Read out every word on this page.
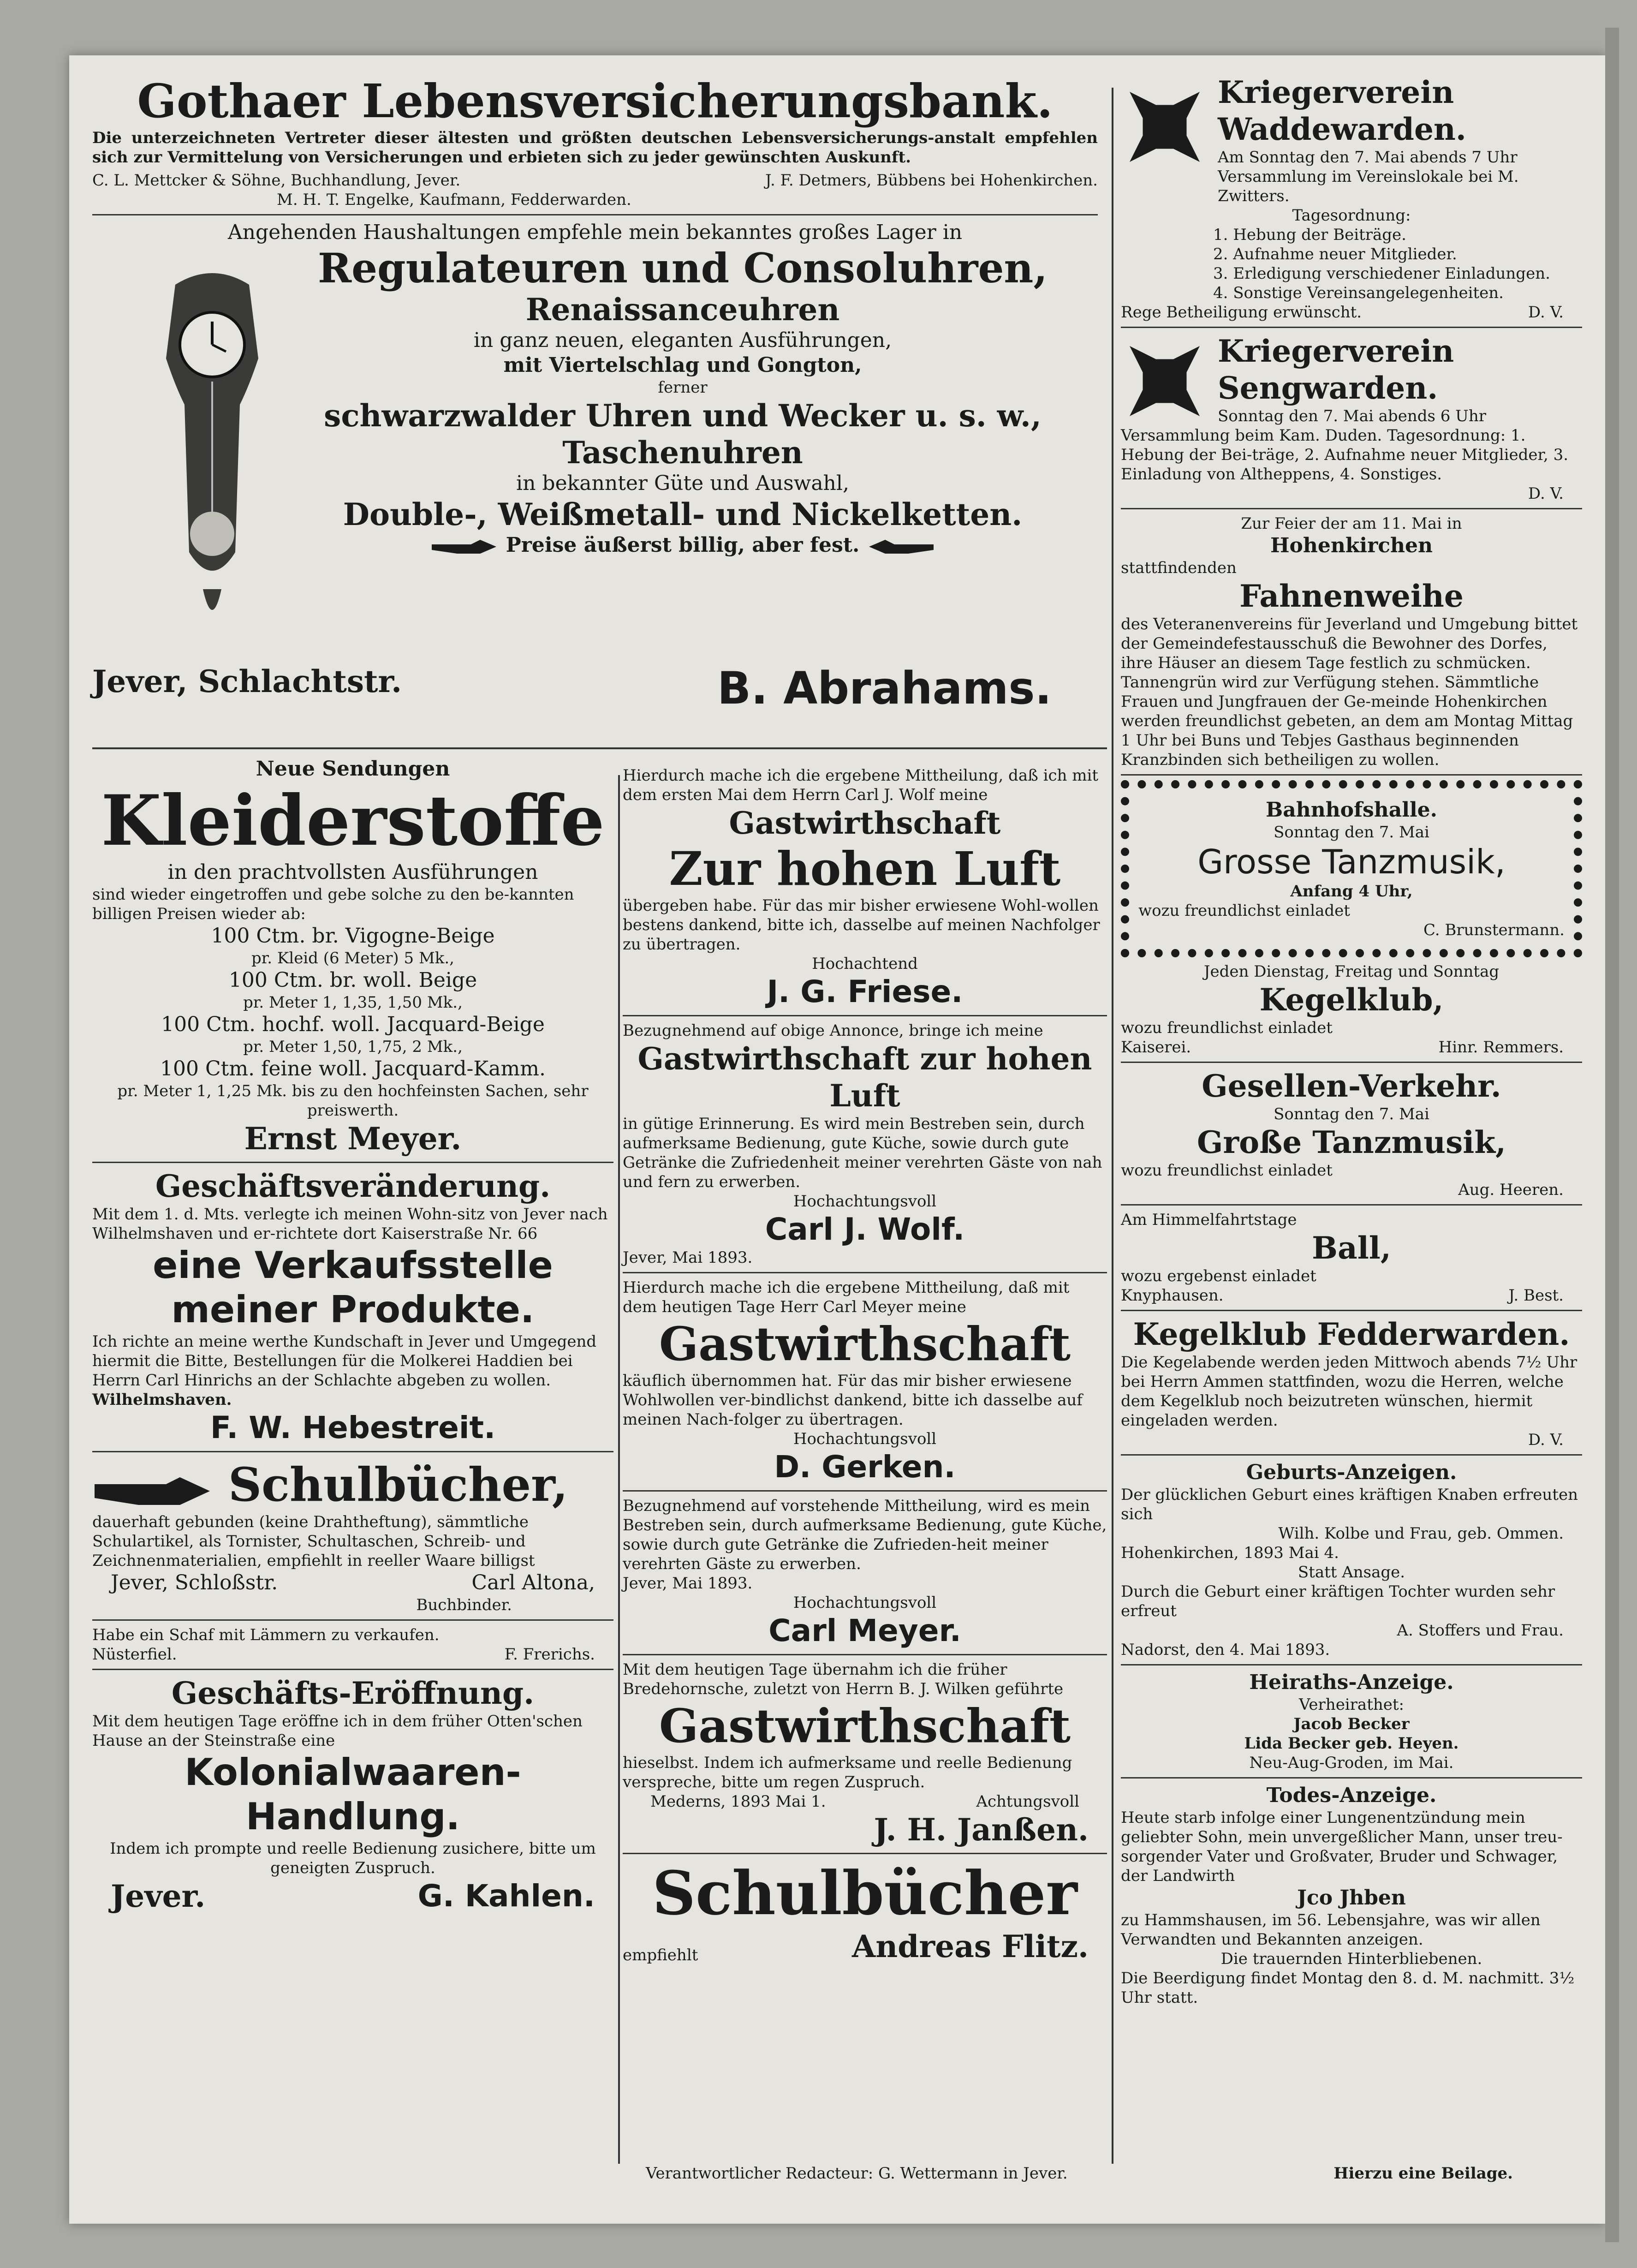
Gothaer Lebensversicherungsbank.

Die unterzeichneten Vertreter dieser ältesten und größten deutschen Lebensversicherungs-anstalt empfehlen sich zur Vermittelung von Versicherungen und erbieten sich zu jeder gewünschten Auskunft.

C. L. Mettcker & Söhne, Buchhandlung, Jever.	J. F. Detmers, Bübbens bei Hohenkirchen.

M. H. T. Engelke, Kaufmann, Fedderwarden.

Angehenden Haushaltungen empfehle mein bekanntes großes Lager in

Regulateuren und Consoluhren,

Renaissanceuhren

in ganz neuen, eleganten Ausführungen,

mit Viertelschlag und Gongton,

ferner

schwarzwalder Uhren und Wecker u. s. w.,

Taschenuhren

in bekannter Güte und Auswahl,

Double-, Weißmetall- und Nickelketten.

Preise äußerst billig, aber fest.

Jever, Schlachtstr.	B. Abrahams.

Neue Sendungen

Kleiderstoffe

in den prachtvollsten Ausführungen

sind wieder eingetroffen und gebe solche zu den be-kannten billigen Preisen wieder ab:

100 Ctm. br. Vigogne-Beige

pr. Kleid (6 Meter) 5 Mk.,

100 Ctm. br. woll. Beige

pr. Meter 1, 1,35, 1,50 Mk.,

100 Ctm. hochf. woll. Jacquard-Beige

pr. Meter 1,50, 1,75, 2 Mk.,

100 Ctm. feine woll. Jacquard-Kamm.

pr. Meter 1, 1,25 Mk. bis zu den hochfeinsten Sachen, sehr preiswerth.

Ernst Meyer.

Geschäftsveränderung.

Mit dem 1. d. Mts. verlegte ich meinen Wohn-sitz von Jever nach Wilhelmshaven und er-richtete dort Kaiserstraße Nr. 66

eine Verkaufsstelle

meiner Produkte.

Ich richte an meine werthe Kundschaft in Jever und Umgegend hiermit die Bitte, Bestellungen für die Molkerei Haddien bei Herrn Carl Hinrichs an der Schlachte abgeben zu wollen.

Wilhelmshaven.

F. W. Hebestreit.

Schulbücher,

dauerhaft gebunden (keine Drahtheftung), sämmtliche Schulartikel, als Tornister, Schultaschen, Schreib- und Zeichnenmaterialien, empfiehlt in reeller Waare billigst

Jever, Schloßstr.	Carl Altona,

Buchbinder.

Habe ein Schaf mit Lämmern zu verkaufen.

Nüsterfiel.	F. Frerichs.

Geschäfts-Eröffnung.

Mit dem heutigen Tage eröffne ich in dem früher Otten'schen Hause an der Steinstraße eine

Kolonialwaaren-

Handlung.

Indem ich prompte und reelle Bedienung zusichere, bitte um geneigten Zuspruch.

Jever.	G. Kahlen.

Hierdurch mache ich die ergebene Mittheilung, daß ich mit dem ersten Mai dem Herrn Carl J. Wolf meine

Gastwirthschaft

Zur hohen Luft

übergeben habe. Für das mir bisher erwiesene Wohl-wollen bestens dankend, bitte ich, dasselbe auf meinen Nachfolger zu übertragen.

Hochachtend

J. G. Friese.

Bezugnehmend auf obige Annonce, bringe ich meine

Gastwirthschaft zur hohen Luft

in gütige Erinnerung. Es wird mein Bestreben sein, durch aufmerksame Bedienung, gute Küche, sowie durch gute Getränke die Zufriedenheit meiner verehrten Gäste von nah und fern zu erwerben.

Hochachtungsvoll

Carl J. Wolf.

Jever, Mai 1893.

Hierdurch mache ich die ergebene Mittheilung, daß mit dem heutigen Tage Herr Carl Meyer meine

Gastwirthschaft

käuflich übernommen hat. Für das mir bisher erwiesene Wohlwollen ver-bindlichst dankend, bitte ich dasselbe auf meinen Nach-folger zu übertragen.

Hochachtungsvoll

D. Gerken.

Bezugnehmend auf vorstehende Mittheilung, wird es mein Bestreben sein, durch aufmerksame Bedienung, gute Küche, sowie durch gute Getränke die Zufrieden-heit meiner verehrten Gäste zu erwerben.

Jever, Mai 1893.

Hochachtungsvoll

Carl Meyer.

Mit dem heutigen Tage übernahm ich die früher Bredehornsche, zuletzt von Herrn B. J. Wilken geführte

Gastwirthschaft

hieselbst. Indem ich aufmerksame und reelle Bedienung verspreche, bitte um regen Zuspruch.

Mederns, 1893 Mai 1.	Achtungsvoll

J. H. Janßen.

Schulbücher

empfiehlt	Andreas Flitz.

Kriegerverein Waddewarden.

Am Sonntag den 7. Mai abends 7 Uhr Versammlung im Vereinslokale bei M. Zwitters.

Tagesordnung:

1. Hebung der Beiträge.

2. Aufnahme neuer Mitglieder.

3. Erledigung verschiedener Einladungen.

4. Sonstige Vereinsangelegenheiten.

Rege Betheiligung erwünscht.	D. V.

Kriegerverein Sengwarden.

Sonntag den 7. Mai abends 6 Uhr Versammlung beim Kam. Duden. Tagesordnung: 1. Hebung der Bei-träge, 2. Aufnahme neuer Mitglieder, 3. Einladung von Altheppens, 4. Sonstiges.

D. V.

Zur Feier der am 11. Mai in

Hohenkirchen

stattfindenden

Fahnenweihe

des Veteranenvereins für Jeverland und Umgebung bittet der Gemeindefestausschuß die Bewohner des Dorfes, ihre Häuser an diesem Tage festlich zu schmücken. Tannengrün wird zur Verfügung stehen. Sämmtliche Frauen und Jungfrauen der Ge-meinde Hohenkirchen werden freundlichst gebeten, an dem am Montag Mittag 1 Uhr bei Buns und Tebjes Gasthaus beginnenden Kranzbinden sich betheiligen zu wollen.

Bahnhofshalle.

Sonntag den 7. Mai

Grosse Tanzmusik,

Anfang 4 Uhr,

wozu freundlichst einladet

C. Brunstermann.

Jeden Dienstag, Freitag und Sonntag

Kegelklub,

wozu freundlichst einladet

Kaiserei.	Hinr. Remmers.

Gesellen-Verkehr.

Sonntag den 7. Mai

Große Tanzmusik,

wozu freundlichst einladet

Aug. Heeren.

Am Himmelfahrtstage

Ball,

wozu ergebenst einladet

Knyphausen.	J. Best.

Kegelklub Fedderwarden.

Die Kegelabende werden jeden Mittwoch abends 7½ Uhr bei Herrn Ammen stattfinden, wozu die Herren, welche dem Kegelklub noch beizutreten wünschen, hiermit eingeladen werden.

D. V.

Geburts-Anzeigen.

Der glücklichen Geburt eines kräftigen Knaben erfreuten sich

Wilh. Kolbe und Frau, geb. Ommen.

Hohenkirchen, 1893 Mai 4.

Statt Ansage.

Durch die Geburt einer kräftigen Tochter wurden sehr erfreut

A. Stoffers und Frau.

Nadorst, den 4. Mai 1893.

Heiraths-Anzeige.

Verheirathet:

Jacob Becker

Lida Becker geb. Heyen.

Neu-Aug-Groden, im Mai.

Todes-Anzeige.

Heute starb infolge einer Lungenentzündung mein geliebter Sohn, mein unvergeßlicher Mann, unser treu-sorgender Vater und Großvater, Bruder und Schwager, der Landwirth

Jco Jhben

zu Hammshausen, im 56. Lebensjahre, was wir allen Verwandten und Bekannten anzeigen.

Die trauernden Hinterbliebenen.

Die Beerdigung findet Montag den 8. d. M. nachmitt. 3½ Uhr statt.

Verantwortlicher Redacteur: G. Wettermann in Jever.	Hierzu eine Beilage.
